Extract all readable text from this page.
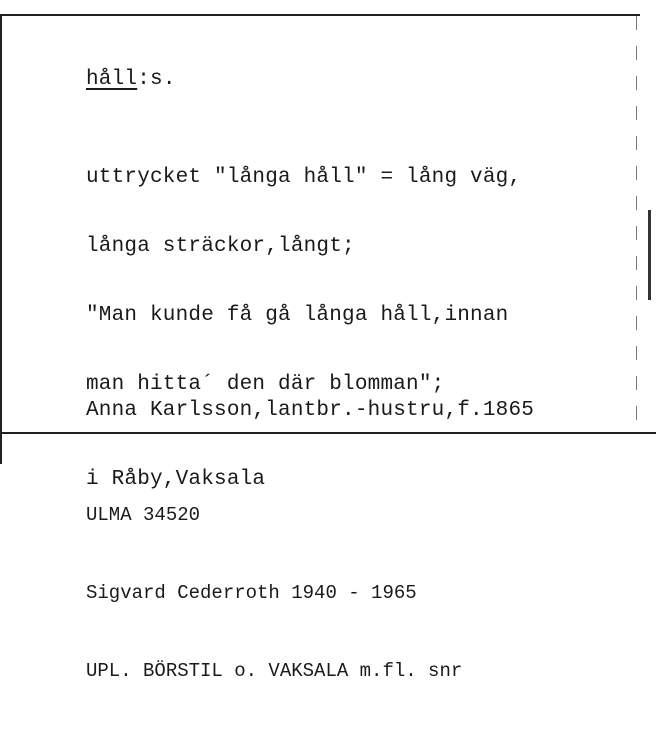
håll:s.

uttrycket "långa håll" = lång väg,

långa sträckor,långt;

"Man kunde få gå långa håll,innan

man hitta´ den där blomman";

Anna Karlsson,lantbr.-hustru,f.1865

i Råby,Vaksala

ULMA 34520

Sigvard Cederroth 1940 - 1965

UPL. BÖRSTIL o. VAKSALA m.fl. snr
